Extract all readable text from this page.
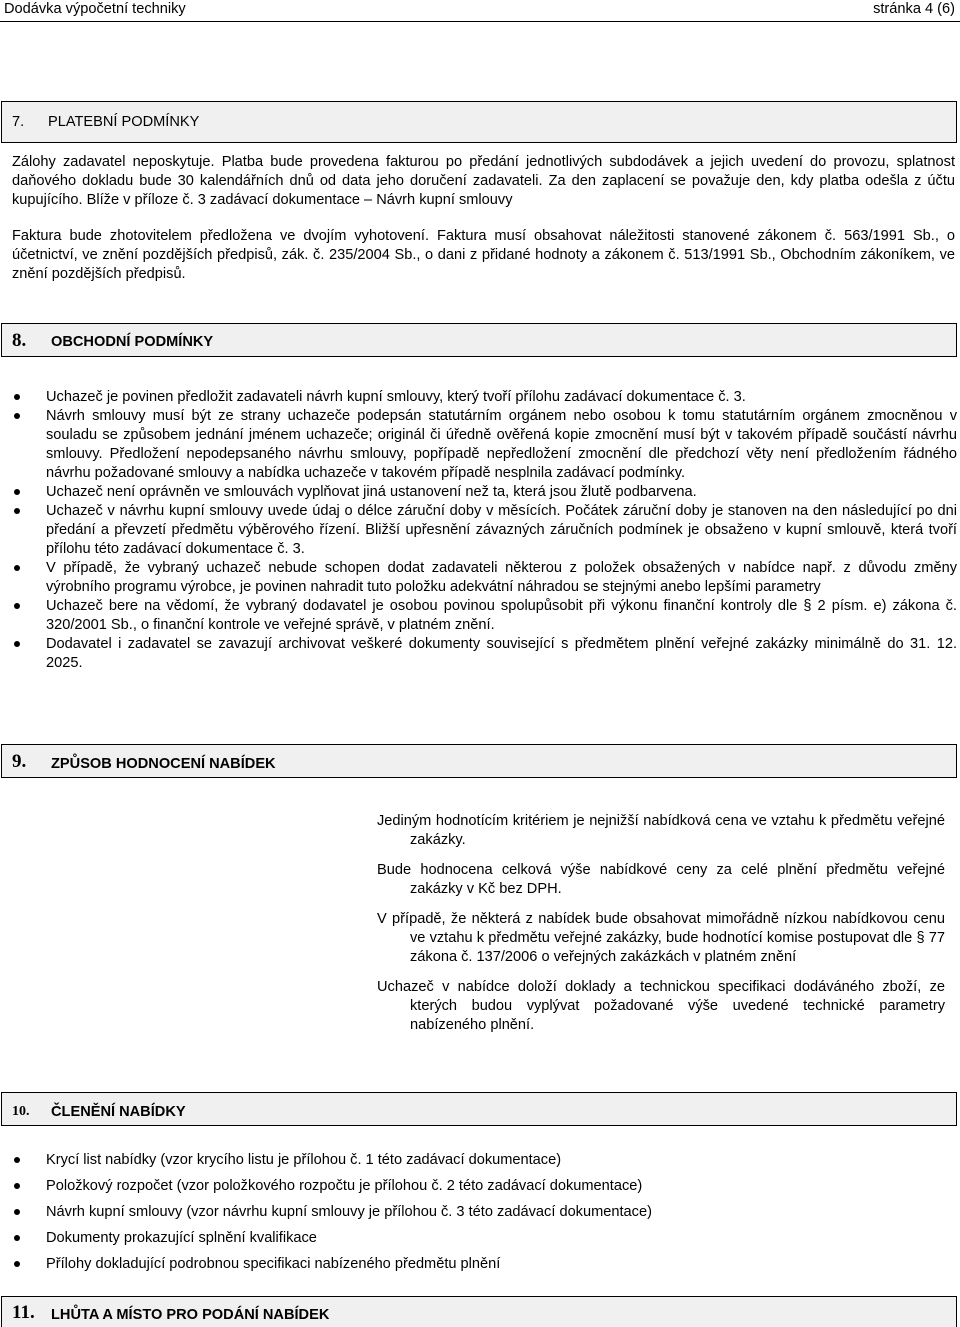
Dodávka výpočetní techniky	stránka 4 (6)
7. PLATEBNÍ PODMÍNKY
Zálohy zadavatel neposkytuje. Platba bude provedena fakturou po předání jednotlivých subdodávek a jejich uvedení do provozu, splatnost daňového dokladu bude 30 kalendářních dnů od data jeho doručení zadavateli. Za den zaplacení se považuje den, kdy platba odešla z účtu kupujícího. Blíže v příloze č. 3 zadávací dokumentace – Návrh kupní smlouvy
Faktura bude zhotovitelem předložena ve dvojím vyhotovení. Faktura musí obsahovat náležitosti stanovené zákonem č. 563/1991 Sb., o účetnictví, ve znění pozdějších předpisů, zák. č. 235/2004 Sb., o dani z přidané hodnoty a zákonem č. 513/1991 Sb., Obchodním zákoníkem, ve znění pozdějších předpisů.
8. OBCHODNÍ PODMÍNKY
Uchazeč je povinen předložit zadavateli návrh kupní smlouvy, který tvoří přílohu zadávací dokumentace č. 3.
Návrh smlouvy musí být ze strany uchazeče podepsán statutárním orgánem nebo osobou k tomu statutárním orgánem zmocněnou v souladu se způsobem jednání jménem uchazeče; originál či úředně ověřená kopie zmocnění musí být v takovém případě součástí návrhu smlouvy. Předložení nepodepsaného návrhu smlouvy, popřípadě nepředložení zmocnění dle předchozí věty není předložením řádného návrhu požadované smlouvy a nabídka uchazeče v takovém případě nesplnila zadávací podmínky.
Uchazeč není oprávněn ve smlouvách vyplňovat jiná ustanovení než ta, která jsou žlutě podbarvena.
Uchazeč v návrhu kupní smlouvy uvede údaj o délce záruční doby v měsících. Počátek záruční doby je stanoven na den následující po dni předání a převzetí předmětu výběrového řízení. Bližší upřesnění závazných záručních podmínek je obsaženo v kupní smlouvě, která tvoří přílohu této zadávací dokumentace č. 3.
V případě, že vybraný uchazeč nebude schopen dodat zadavateli některou z položek obsažených v nabídce např. z důvodu změny výrobního programu výrobce, je povinen nahradit tuto položku adekvátní náhradou se stejnými anebo lepšími parametry
Uchazeč bere na vědomí, že vybraný dodavatel je osobou povinou spolupůsobit při výkonu finanční kontroly dle § 2 písm. e) zákona č. 320/2001 Sb., o finanční kontrole ve veřejné správě, v platném znění.
Dodavatel i zadavatel se zavazují archivovat veškeré dokumenty související s předmětem plnění veřejné zakázky minimálně do 31. 12. 2025.
9. ZPŮSOB HODNOCENÍ NABÍDEK
Jediným hodnotícím kritériem je nejnižší nabídková cena ve vztahu k předmětu veřejné zakázky.
Bude hodnocena celková výše nabídkové ceny za celé plnění předmětu veřejné zakázky v Kč bez DPH.
V případě, že některá z nabídek bude obsahovat mimořádně nízkou nabídkovou cenu ve vztahu k předmětu veřejné zakázky, bude hodnotící komise postupovat dle § 77 zákona č. 137/2006 o veřejných zakázkách v platném znění
Uchazeč v nabídce doloží doklady a technickou specifikaci dodáváného zboží, ze kterých budou vyplývat požadované výše uvedené technické parametry nabízeného plnění.
10. ČLENĚNÍ NABÍDKY
Krycí list nabídky (vzor krycího listu je přílohou č. 1 této zadávací dokumentace)
Položkový rozpočet (vzor položkového rozpočtu je přílohou č. 2 této zadávací dokumentace)
Návrh kupní smlouvy (vzor návrhu kupní smlouvy je přílohou č. 3 této zadávací dokumentace)
Dokumenty prokazující splnění kvalifikace
Přílohy dokladující podrobnou specifikaci nabízeného předmětu plnění
11. LHŮTA A MÍSTO PRO PODÁNÍ NABÍDEK
